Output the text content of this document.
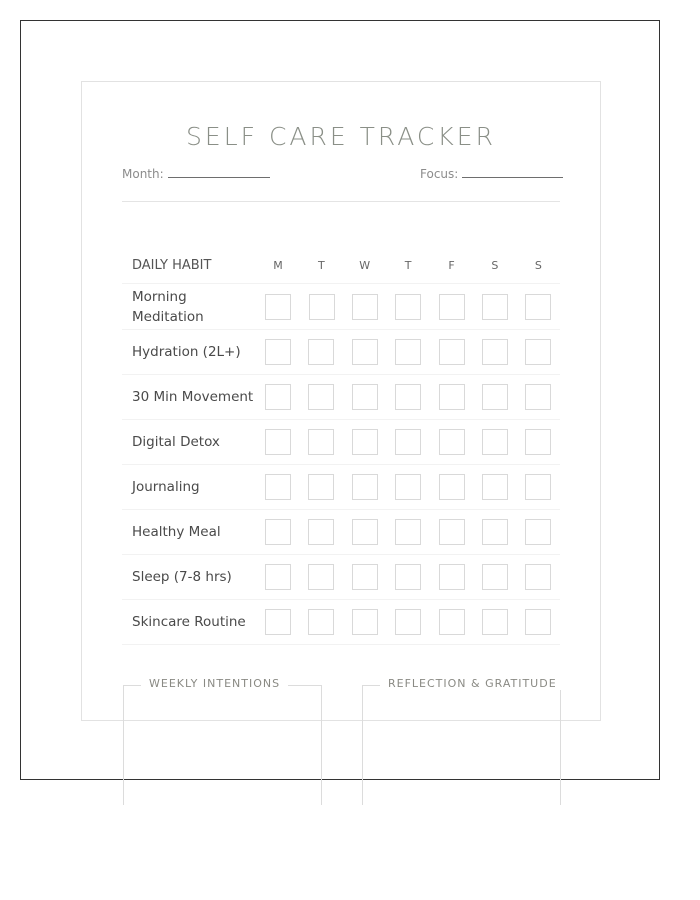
SELF CARE TRACKER
Month:	Focus:
DAILY HABIT	M	T	W	T	F	S	S
Morning Meditation
Hydration (2L+)
30 Min Movement
Digital Detox
Journaling
Healthy Meal
Sleep (7-8 hrs)
Skincare Routine
WEEKLY INTENTIONS	REFLECTION & GRATITUDE
